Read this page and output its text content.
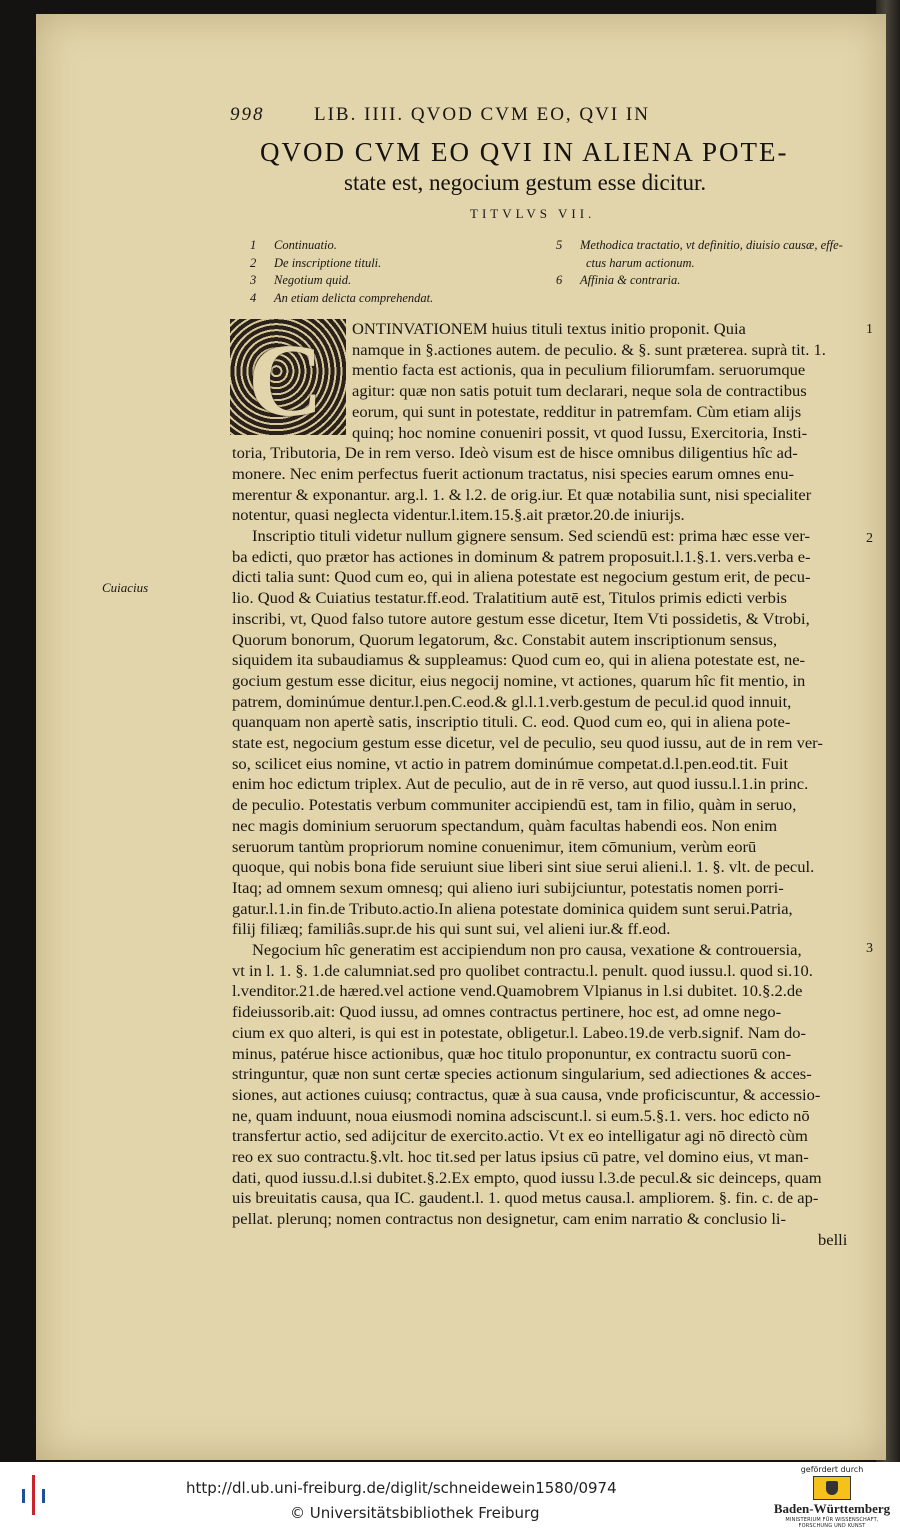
998	LIB. IIII. QVOD CVM EO, QVI IN
QVOD CVM EO QVI IN ALIENA POTE-
state est, negocium gestum esse dicitur.
TITVLVS VII.
1 Continuatio.
2 De inscriptione tituli.
3 Negotium quid.
4 An etiam delicta comprehendat.
5 Methodica tractatio, vt definitio, diuisio causæ, effe-
ctus harum actionum.
6 Affinia & contraria.
C
Cuiacius
1
2
3
ONTINVATIONEM huius tituli textus initio proponit. Quia
namque in §.actiones autem. de peculio. & §. sunt præterea. suprà tit. 1.
mentio facta est actionis, qua in peculium filiorumfam. seruorumque
agitur: quæ non satis potuit tum declarari, neque sola de contractibus
eorum, qui sunt in potestate, redditur in patremfam. Cùm etiam alijs
quinq; hoc nomine conueniri possit, vt quod Iussu, Exercitoria, Insti-
toria, Tributoria, De in rem verso. Ideò visum est de hisce omnibus diligentius hîc ad-
monere. Nec enim perfectus fuerit actionum tractatus, nisi species earum omnes enu-
merentur & exponantur. arg.l. 1. & l.2. de orig.iur. Et quæ notabilia sunt, nisi specialiter
notentur, quasi neglecta videntur.l.item.15.§.ait prætor.20.de iniurijs.
Inscriptio tituli videtur nullum gignere sensum. Sed sciendū est: prima hæc esse ver-
ba edicti, quo prætor has actiones in dominum & patrem proposuit.l.1.§.1. vers.verba e-
dicti talia sunt: Quod cum eo, qui in aliena potestate est negocium gestum erit, de pecu-
lio. Quod & Cuiatius testatur.ff.eod. Tralatitium autē est, Titulos primis edicti verbis
inscribi, vt, Quod falso tutore autore gestum esse dicetur, Item Vti possidetis, & Vtrobi,
Quorum bonorum, Quorum legatorum, &c. Constabit autem inscriptionum sensus,
siquidem ita subaudiamus & suppleamus: Quod cum eo, qui in aliena potestate est, ne-
gocium gestum esse dicitur, eius negocij nomine, vt actiones, quarum hîc fit mentio, in
patrem, dominúmue dentur.l.pen.C.eod.& gl.l.1.verb.gestum de pecul.id quod innuit,
quanquam non apertè satis, inscriptio tituli. C. eod. Quod cum eo, qui in aliena pote-
state est, negocium gestum esse dicetur, vel de peculio, seu quod iussu, aut de in rem ver-
so, scilicet eius nomine, vt actio in patrem dominúmue competat.d.l.pen.eod.tit. Fuit
enim hoc edictum triplex. Aut de peculio, aut de in rē verso, aut quod iussu.l.1.in princ.
de peculio. Potestatis verbum communiter accipiendū est, tam in filio, quàm in seruo,
nec magis dominium seruorum spectandum, quàm facultas habendi eos. Non enim
seruorum tantùm propriorum nomine conuenimur, item cōmunium, verùm eorū
quoque, qui nobis bona fide seruiunt siue liberi sint siue serui alieni.l. 1. §. vlt. de pecul.
Itaq; ad omnem sexum omnesq; qui alieno iuri subijciuntur, potestatis nomen porri-
gatur.l.1.in fin.de Tributo.actio.In aliena potestate dominica quidem sunt serui.Patria,
filij filiæq; familiâs.supr.de his qui sunt sui, vel alieni iur.& ff.eod.
Negocium hîc generatim est accipiendum non pro causa, vexatione & controuersia,
vt in l. 1. §. 1.de calumniat.sed pro quolibet contractu.l. penult. quod iussu.l. quod si.10.
l.venditor.21.de hæred.vel actione vend.Quamobrem Vlpianus in l.si dubitet. 10.§.2.de
fideiussorib.ait: Quod iussu, ad omnes contractus pertinere, hoc est, ad omne nego-
cium ex quo alteri, is qui est in potestate, obligetur.l. Labeo.19.de verb.signif. Nam do-
minus, patérue hisce actionibus, quæ hoc titulo proponuntur, ex contractu suorū con-
stringuntur, quæ non sunt certæ species actionum singularium, sed adiectiones & acces-
siones, aut actiones cuiusq; contractus, quæ à sua causa, vnde proficiscuntur, & accessio-
ne, quam induunt, noua eiusmodi nomina adsciscunt.l. si eum.5.§.1. vers. hoc edicto nō
transfertur actio, sed adijcitur de exercito.actio. Vt ex eo intelligatur agi nō directò cùm
reo ex suo contractu.§.vlt. hoc tit.sed per latus ipsius cū patre, vel domino eius, vt man-
dati, quod iussu.d.l.si dubitet.§.2.Ex empto, quod iussu l.3.de pecul.& sic deinceps, quam
uis breuitatis causa, qua IC. gaudent.l. 1. quod metus causa.l. ampliorem. §. fin. c. de ap-
pellat. plerunq; nomen contractus non designetur, cam enim narratio & conclusio li-
belli
http://dl.ub.uni-freiburg.de/diglit/schneidewein1580/0974
© Universitätsbibliothek Freiburg
gefördert durch
Baden-Württemberg
MINISTERIUM FÜR WISSENSCHAFT, FORSCHUNG UND KUNST
